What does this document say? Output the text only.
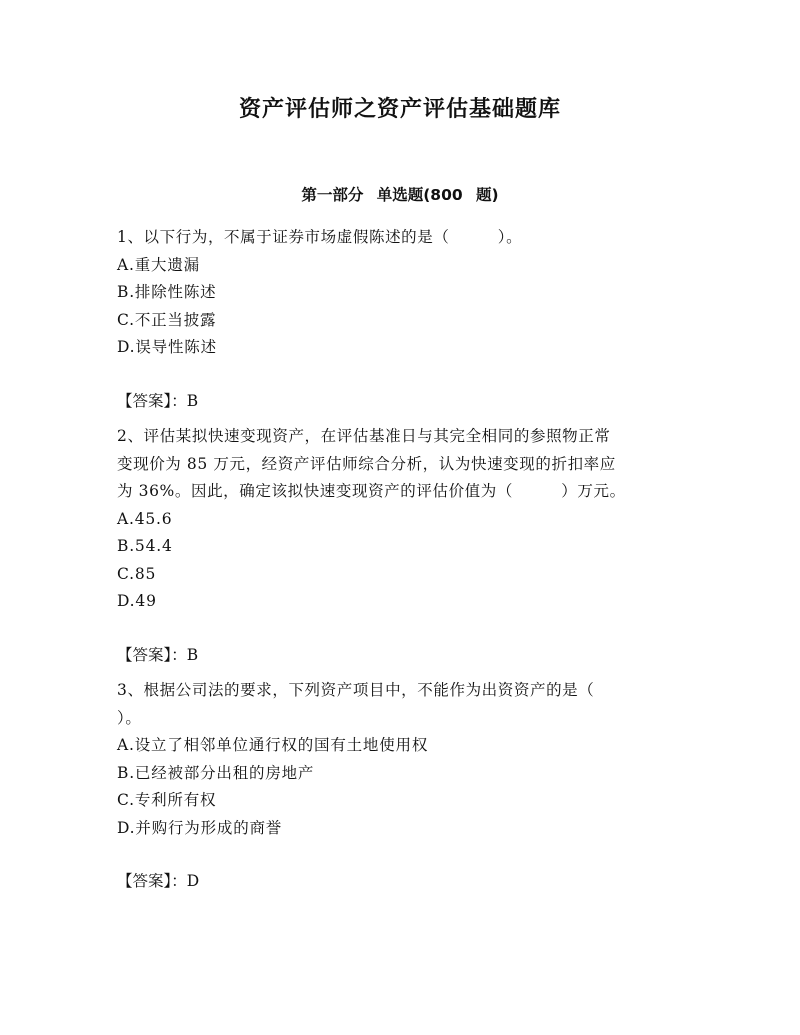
资产评估师之资产评估基础题库
第一部分 单选题(800 题)

1、以下行为，不属于证券市场虚假陈述的是（　　　）。

A.重大遗漏

B.排除性陈述

C.不正当披露

D.误导性陈述

【答案】：B

2、评估某拟快速变现资产，在评估基准日与其完全相同的参照物正常

变现价为 85 万元，经资产评估师综合分析，认为快速变现的折扣率应

为 36%。因此，确定该拟快速变现资产的评估价值为（　　　）万元。

A.45.6

B.54.4

C.85

D.49

【答案】：B

3、根据公司法的要求，下列资产项目中，不能作为出资资产的是（

）。

A.设立了相邻单位通行权的国有土地使用权

B.已经被部分出租的房地产

C.专利所有权

D.并购行为形成的商誉

【答案】：D
